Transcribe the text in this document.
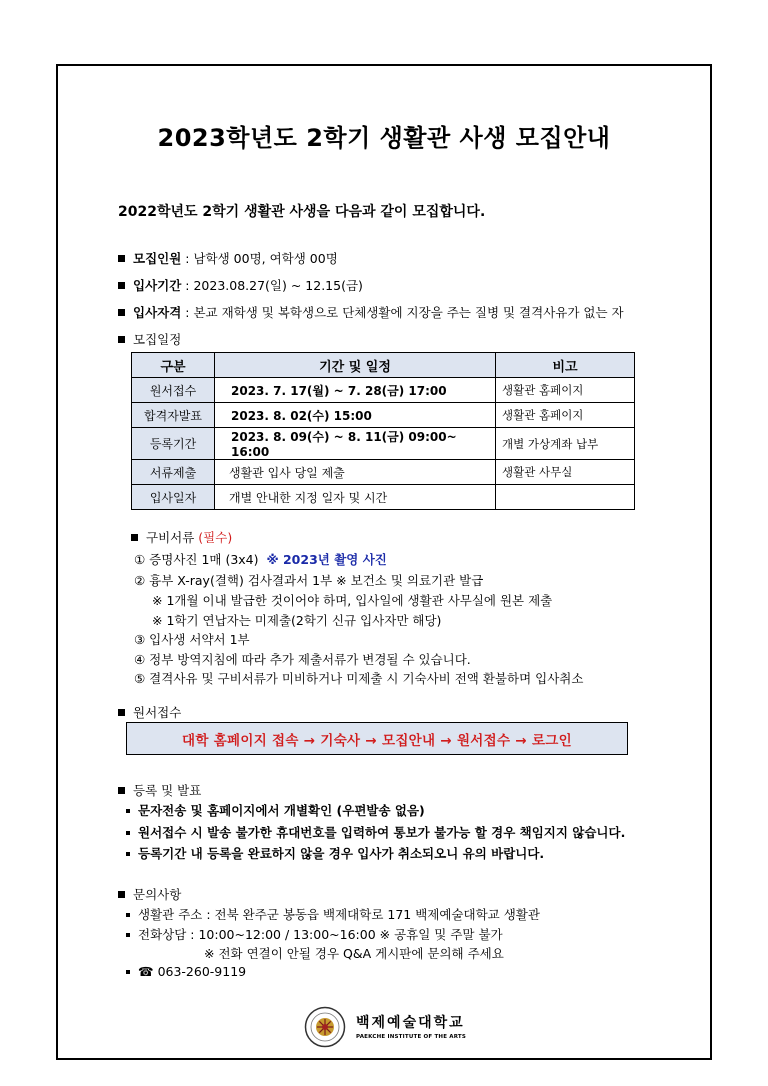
2023학년도 2학기 생활관 사생 모집안내
2022학년도 2학기 생활관 사생을 다음과 같이 모집합니다.
모집인원 : 남학생 00명, 여학생 00명
입사기간 : 2023.08.27(일) ~ 12.15(금)
입사자격 : 본교 재학생 및 복학생으로 단체생활에 지장을 주는 질병 및 결격사유가 없는 자
모집일정
구분	기간 및 일정	비고
원서접수	2023. 7. 17(월) ~ 7. 28(금) 17:00	생활관 홈페이지
합격자발표	2023. 8. 02(수) 15:00	생활관 홈페이지
등록기간	2023. 8. 09(수) ~ 8. 11(금) 09:00~ 16:00	개별 가상계좌 납부
서류제출	생활관 입사 당일 제출	생활관 사무실
입사일자	개별 안내한 지정 일자 및 시간	
구비서류 (필수)
① 증명사진 1매 (3x4) ※ 2023년 촬영 사진
② 흉부 X-ray(결핵) 검사결과서 1부 ※ 보건소 및 의료기관 발급
※ 1개월 이내 발급한 것이어야 하며, 입사일에 생활관 사무실에 원본 제출
※ 1학기 연납자는 미제출(2학기 신규 입사자만 해당)
③ 입사생 서약서 1부
④ 정부 방역지침에 따라 추가 제출서류가 변경될 수 있습니다.
⑤ 결격사유 및 구비서류가 미비하거나 미제출 시 기숙사비 전액 환불하며 입사취소
원서접수
대학 홈페이지 접속 → 기숙사 → 모집안내 → 원서접수 → 로그인
등록 및 발표
문자전송 및 홈페이지에서 개별확인 (우편발송 없음)
원서접수 시 발송 불가한 휴대번호를 입력하여 통보가 불가능 할 경우 책임지지 않습니다.
등록기간 내 등록을 완료하지 않을 경우 입사가 취소되오니 유의 바랍니다.
문의사항
생활관 주소 : 전북 완주군 봉동읍 백제대학로 171 백제예술대학교 생활관
전화상담 : 10:00~12:00 / 13:00~16:00 ※ 공휴일 및 주말 불가
※ 전화 연결이 안될 경우 Q&A 게시판에 문의해 주세요
☎ 063-260-9119
백제예술대학교
PAEKCHE INSTITUTE OF THE ARTS
